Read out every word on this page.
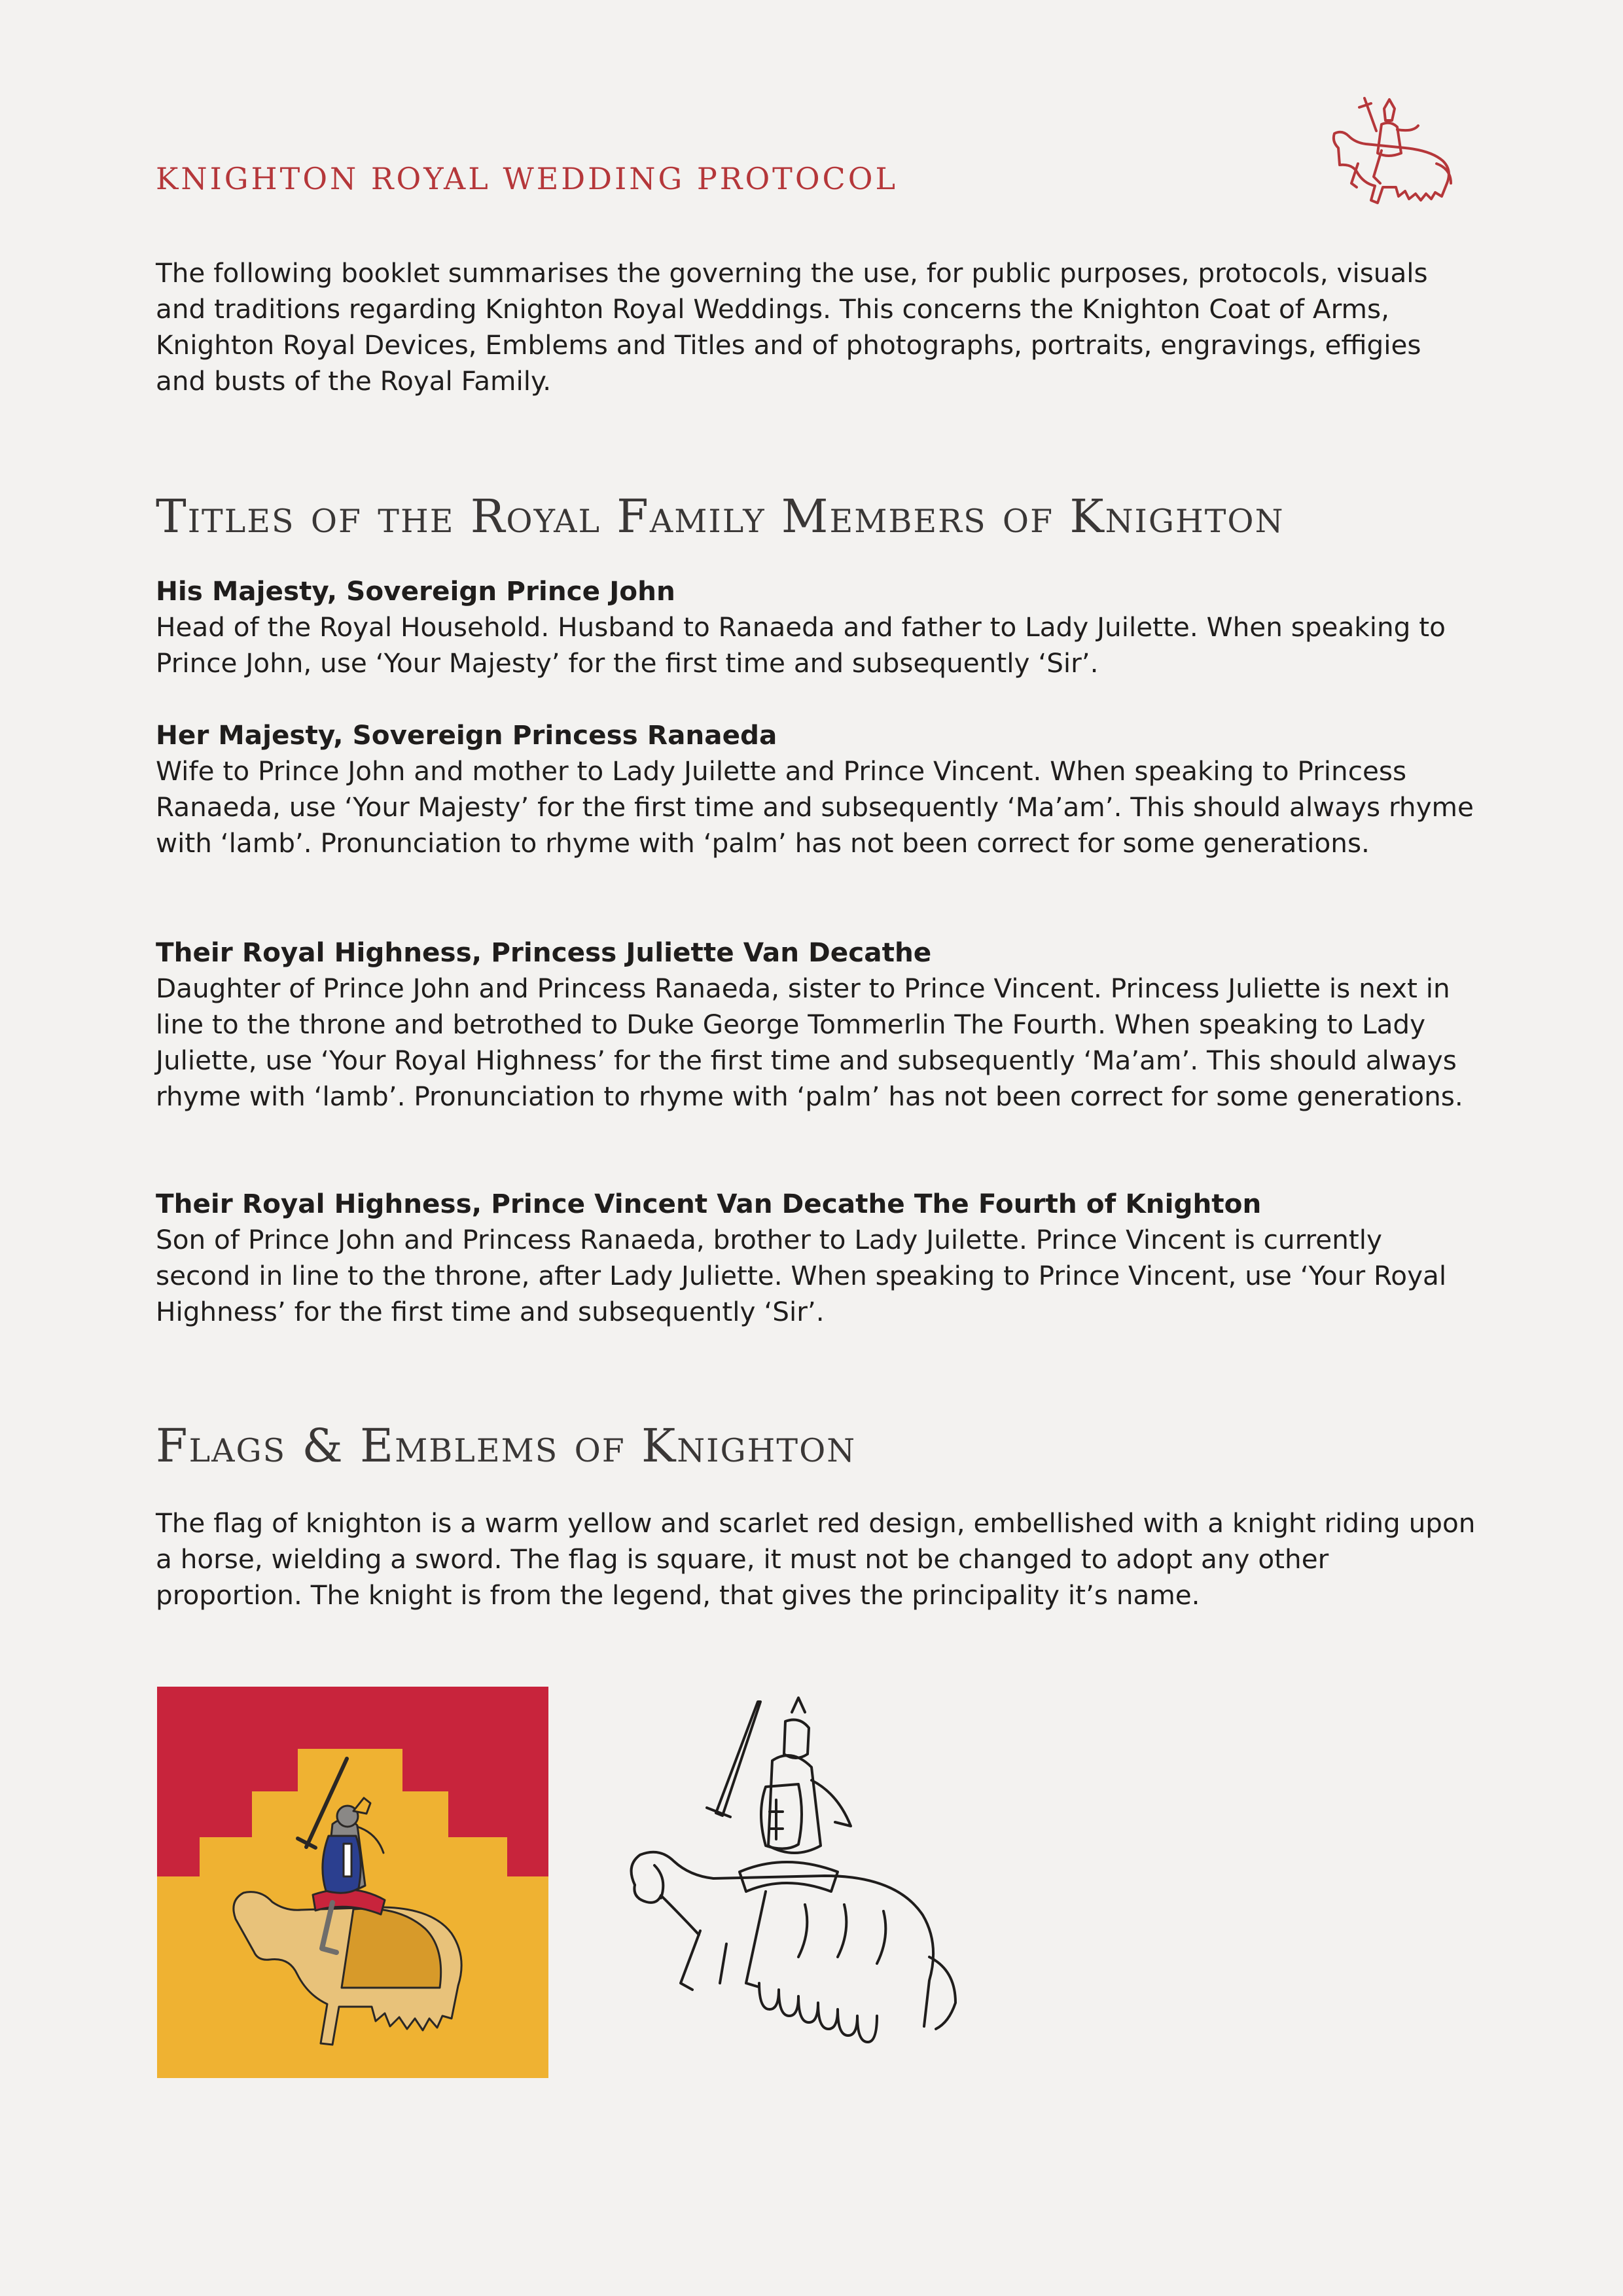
KNIGHTON ROYAL WEDDING PROTOCOL

The following booklet summarises the governing the use, for public purposes, protocols, visuals and traditions regarding Knighton Royal Weddings. This concerns the Knighton Coat of Arms, Knighton Royal Devices, Emblems and Titles and of photographs, portraits, engravings, effigies and busts of the Royal Family.

Titles of the Royal Family Members of Knighton

His Majesty, Sovereign Prince John

Head of the Royal Household. Husband to Ranaeda and father to Lady Juilette. When speaking to Prince John, use ‘Your Majesty’ for the first time and subsequently ‘Sir’.

Her Majesty, Sovereign Princess Ranaeda

Wife to Prince John and mother to Lady Juilette and Prince Vincent. When speaking to Princess Ranaeda, use ‘Your Majesty’ for the first time and subsequently ‘Ma’am’. This should always rhyme with ‘lamb’. Pronunciation to rhyme with ‘palm’ has not been correct for some generations.

Their Royal Highness, Princess Juliette Van Decathe

Daughter of Prince John and Princess Ranaeda, sister to Prince Vincent. Princess Juliette is next in line to the throne and betrothed to Duke George Tommerlin The Fourth. When speaking to Lady Juliette, use ‘Your Royal Highness’ for the first time and subsequently ‘Ma’am’. This should always rhyme with ‘lamb’. Pronunciation to rhyme with ‘palm’ has not been correct for some generations.

Their Royal Highness, Prince Vincent Van Decathe The Fourth of Knighton

Son of Prince John and Princess Ranaeda, brother to Lady Juilette. Prince Vincent is currently second in line to the throne, after Lady Juliette. When speaking to Prince Vincent, use ‘Your Royal Highness’ for the first time and subsequently ‘Sir’.

Flags & Emblems of Knighton

The flag of knighton is a warm yellow and scarlet red design, embellished with a knight riding upon a horse, wielding a sword. The flag is square, it must not be changed to adopt any other proportion. The knight is from the legend, that gives the principality it’s name.
